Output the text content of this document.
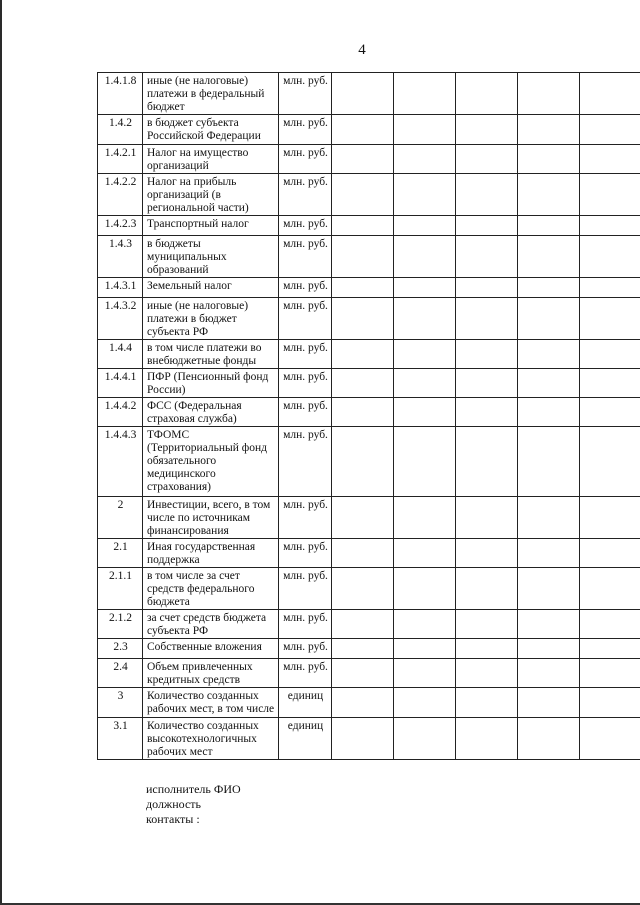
4
1.4.1.8	иные (не налоговые) платежи в федеральный бюджет	млн. руб.					
1.4.2	в бюджет субъекта Российской Федерации	млн. руб.					
1.4.2.1	Налог на имущество организаций	млн. руб.					
1.4.2.2	Налог на прибыль организаций (в региональной части)	млн. руб.					
1.4.2.3	Транспортный налог	млн. руб.					
1.4.3	в бюджеты муниципальных образований	млн. руб.					
1.4.3.1	Земельный налог	млн. руб.					
1.4.3.2	иные (не налоговые) платежи в бюджет субъекта РФ	млн. руб.					
1.4.4	в том числе платежи во внебюджетные фонды	млн. руб.					
1.4.4.1	ПФР (Пенсионный фонд России)	млн. руб.					
1.4.4.2	ФСС (Федеральная страховая служба)	млн. руб.					
1.4.4.3	ТФОМС (Территориальный фонд обязательного медицинского страхования)	млн. руб.					
2	Инвестиции, всего, в том числе по источникам финансирования	млн. руб.					
2.1	Иная государственная поддержка	млн. руб.					
2.1.1	в том числе за счет средств федерального бюджета	млн. руб.					
2.1.2	за счет средств бюджета субъекта РФ	млн. руб.					
2.3	Собственные вложения	млн. руб.					
2.4	Объем привлеченных кредитных средств	млн. руб.					
3	Количество созданных рабочих мест, в том числе	единиц					
3.1	Количество созданных высокотехнологичных рабочих мест	единиц					
исполнитель ФИО
должность
контакты :
